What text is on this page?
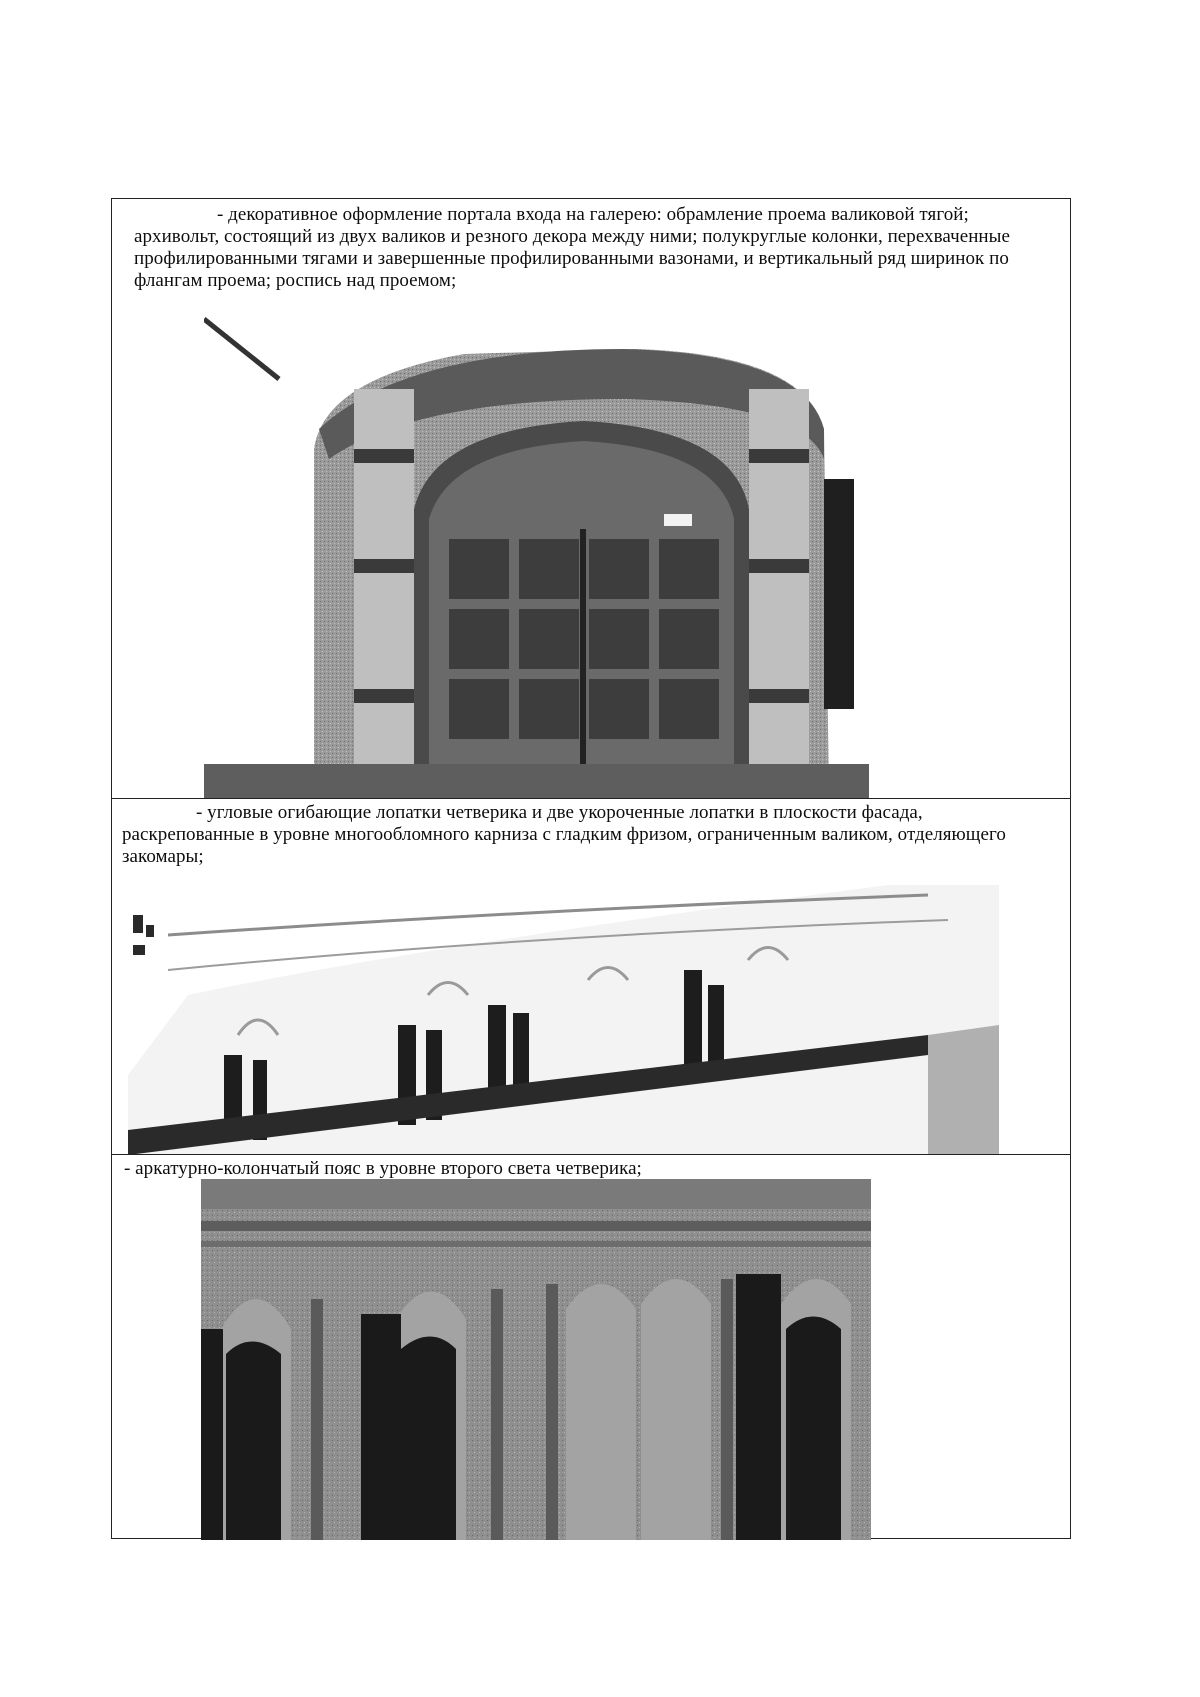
- декоративное оформление портала входа на галерею: обрамление проема валиковой тягой; архивольт, состоящий из двух валиков и резного декора между ними; полукруглые колонки, перехваченные профилированными тягами и завершенные профилированными вазонами, и вертикальный ряд ширинок по флангам проема; роспись над проемом;

- угловые огибающие лопатки четверика и две укороченные лопатки в плоскости фасада, раскрепованные в уровне многообломного карниза с гладким фризом, ограниченным валиком, отделяющего закомары;

- аркатурно-колончатый пояс в уровне второго света четверика;
